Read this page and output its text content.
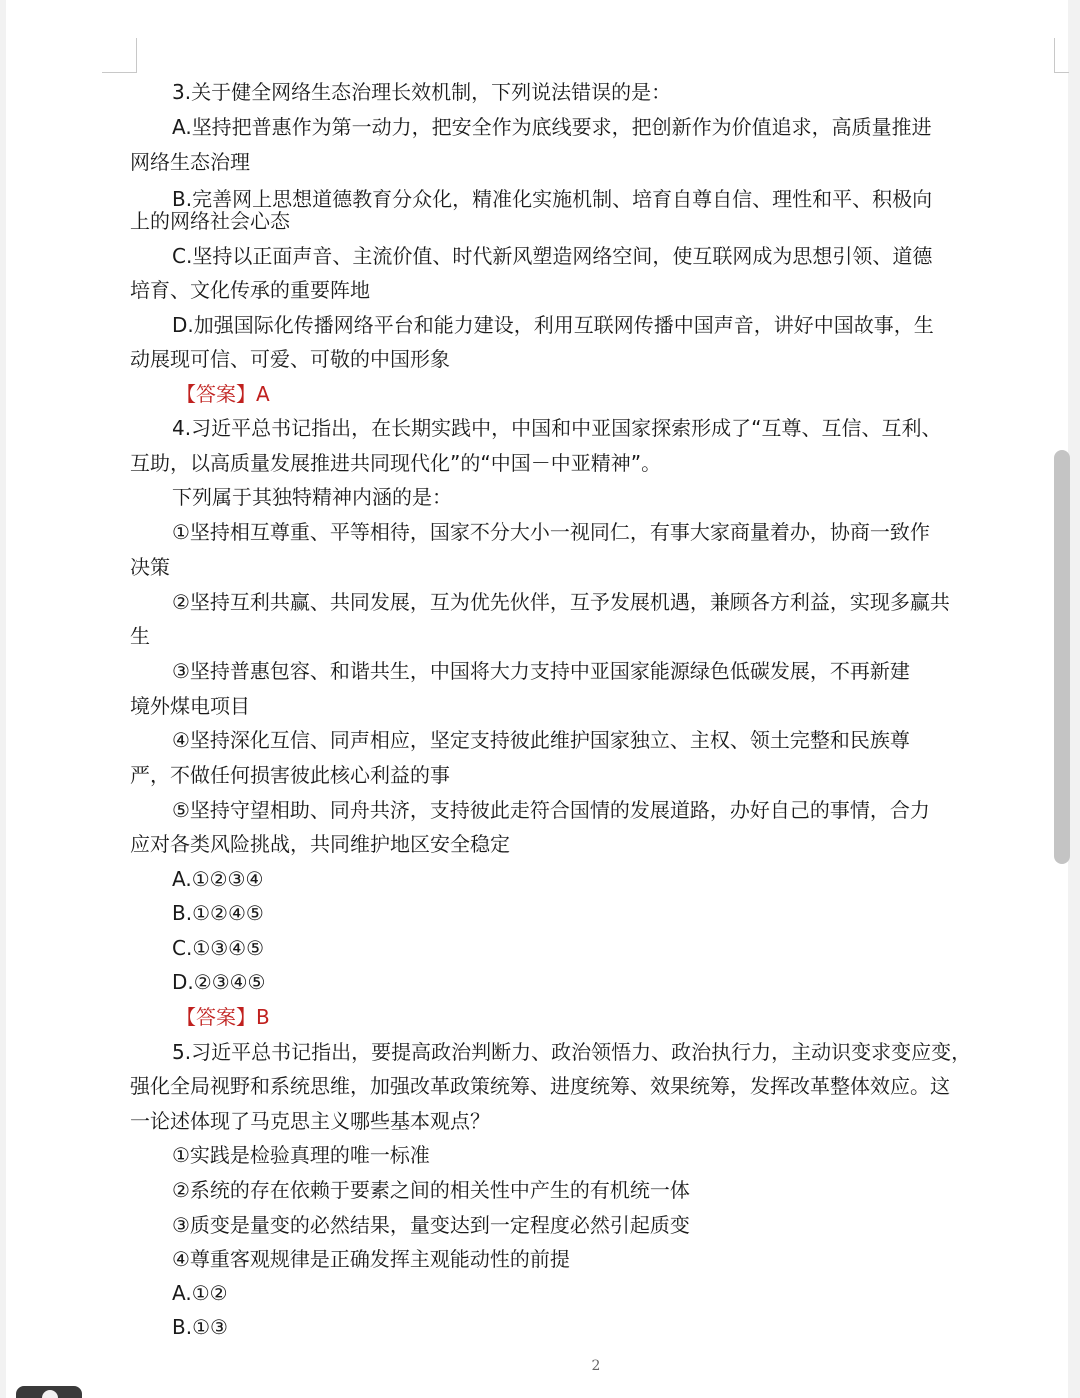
3.关于健全网络生态治理长效机制，下列说法错误的是：
A.坚持把普惠作为第一动力，把安全作为底线要求，把创新作为价值追求，高质量推进
网络生态治理
B.完善网上思想道德教育分众化，精准化实施机制、培育自尊自信、理性和平、积极向
上的网络社会心态
C.坚持以正面声音、主流价值、时代新风塑造网络空间，使互联网成为思想引领、道德
培育、文化传承的重要阵地
D.加强国际化传播网络平台和能力建设，利用互联网传播中国声音，讲好中国故事，生
动展现可信、可爱、可敬的中国形象
【答案】A
4.习近平总书记指出，在长期实践中，中国和中亚国家探索形成了“互尊、互信、互利、
互助，以高质量发展推进共同现代化”的“中国－中亚精神”。
下列属于其独特精神内涵的是：
①坚持相互尊重、平等相待，国家不分大小一视同仁，有事大家商量着办，协商一致作
决策
②坚持互利共赢、共同发展，互为优先伙伴，互予发展机遇，兼顾各方利益，实现多赢共
生
③坚持普惠包容、和谐共生，中国将大力支持中亚国家能源绿色低碳发展，不再新建
境外煤电项目
④坚持深化互信、同声相应，坚定支持彼此维护国家独立、主权、领土完整和民族尊
严，不做任何损害彼此核心利益的事
⑤坚持守望相助、同舟共济，支持彼此走符合国情的发展道路，办好自己的事情，合力
应对各类风险挑战，共同维护地区安全稳定
A.①②③④
B.①②④⑤
C.①③④⑤
D.②③④⑤
【答案】B
5.习近平总书记指出，要提高政治判断力、政治领悟力、政治执行力，主动识变求变应变，
强化全局视野和系统思维，加强改革政策统筹、进度统筹、效果统筹，发挥改革整体效应。这
一论述体现了马克思主义哪些基本观点？
①实践是检验真理的唯一标准
②系统的存在依赖于要素之间的相关性中产生的有机统一体
③质变是量变的必然结果，量变达到一定程度必然引起质变
④尊重客观规律是正确发挥主观能动性的前提
A.①②
B.①③
2
